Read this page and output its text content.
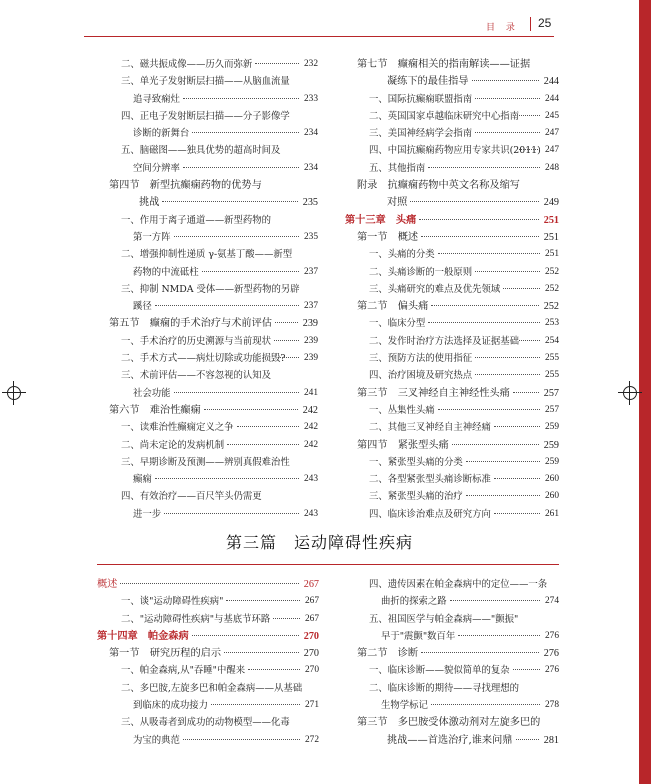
目 录 25
二、磁共振成像——历久而弥新	232
三、单光子发射断层扫描——从脑血流量
追寻致痫灶	233
四、正电子发射断层扫描——分子影像学
诊断的新舞台	234
五、脑磁图——独具优势的超高时间及
空间分辨率	234
第四节　新型抗癫痫药物的优势与
挑战	235
一、作用于离子通道——新型药物的
第一方阵	235
二、增强抑制性递质 γ-氨基丁酸——新型
药物的中流砥柱	237
三、抑制 NMDA 受体——新型药物的另辟
蹊径	237
第五节　癫痫的手术治疗与术前评估	239
一、手术治疗的历史溯源与当前现状	239
二、手术方式——病灶切除或功能损毁?	239
三、术前评估——不容忽视的认知及
社会功能	241
第六节　难治性癫痫	242
一、读难治性癫痫定义之争	242
二、尚未定论的发病机制	242
三、早期诊断及预测——辨别真假难治性
癫痫	243
四、有效治疗——百尺竿头仍需更
进一步	243
第七节　癫痫相关的指南解读——证据
凝练下的最佳指导	244
一、国际抗癫痫联盟指南	244
二、英国国家卓越临床研究中心指南	245
三、美国神经病学会指南	247
四、中国抗癫痫药物应用专家共识(2011) 247
五、其他指南	248
附录　抗癫痫药物中英文名称及缩写
对照	249
第十三章　头痛	251
第一节　概述	251
一、头痛的分类	251
二、头痛诊断的一般原则	252
三、头痛研究的难点及优先领域	252
第二节　偏头痛	252
一、临床分型	253
二、发作时治疗方法选择及证据基础	254
三、预防方法的使用指征	255
四、治疗困境及研究热点	255
第三节　三叉神经自主神经性头痛	257
一、丛集性头痛	257
二、其他三叉神经自主神经痛	259
第四节　紧张型头痛	259
一、紧张型头痛的分类	259
二、各型紧张型头痛诊断标准	260
三、紧张型头痛的治疗	260
四、临床诊治难点及研究方向	261
第三篇　运动障碍性疾病
概述	267
一、谈"运动障碍性疾病"	267
二、"运动障碍性疾病"与基底节环路	267
第十四章　帕金森病	270
第一节　研究历程的启示	270
一、帕金森病,从"吞睡"中醒来	270
二、多巴胺,左旋多巴和帕金森病——从基础
到临床的成功接力	271
三、从吸毒者到成功的动物模型——化毒
为宝的典范	272
四、遗传因素在帕金森病中的定位——一条
曲折的探索之路	274
五、祖国医学与帕金森病——"颤振"
早于"震颤"数百年	276
第二节　诊断	276
一、临床诊断——貌似简单的复杂	276
二、临床诊断的期待——寻找理想的
生物学标记	278
第三节　多巴胺受体激动剂对左旋多巴的
挑战——首选治疗,谁来问鼎	281
